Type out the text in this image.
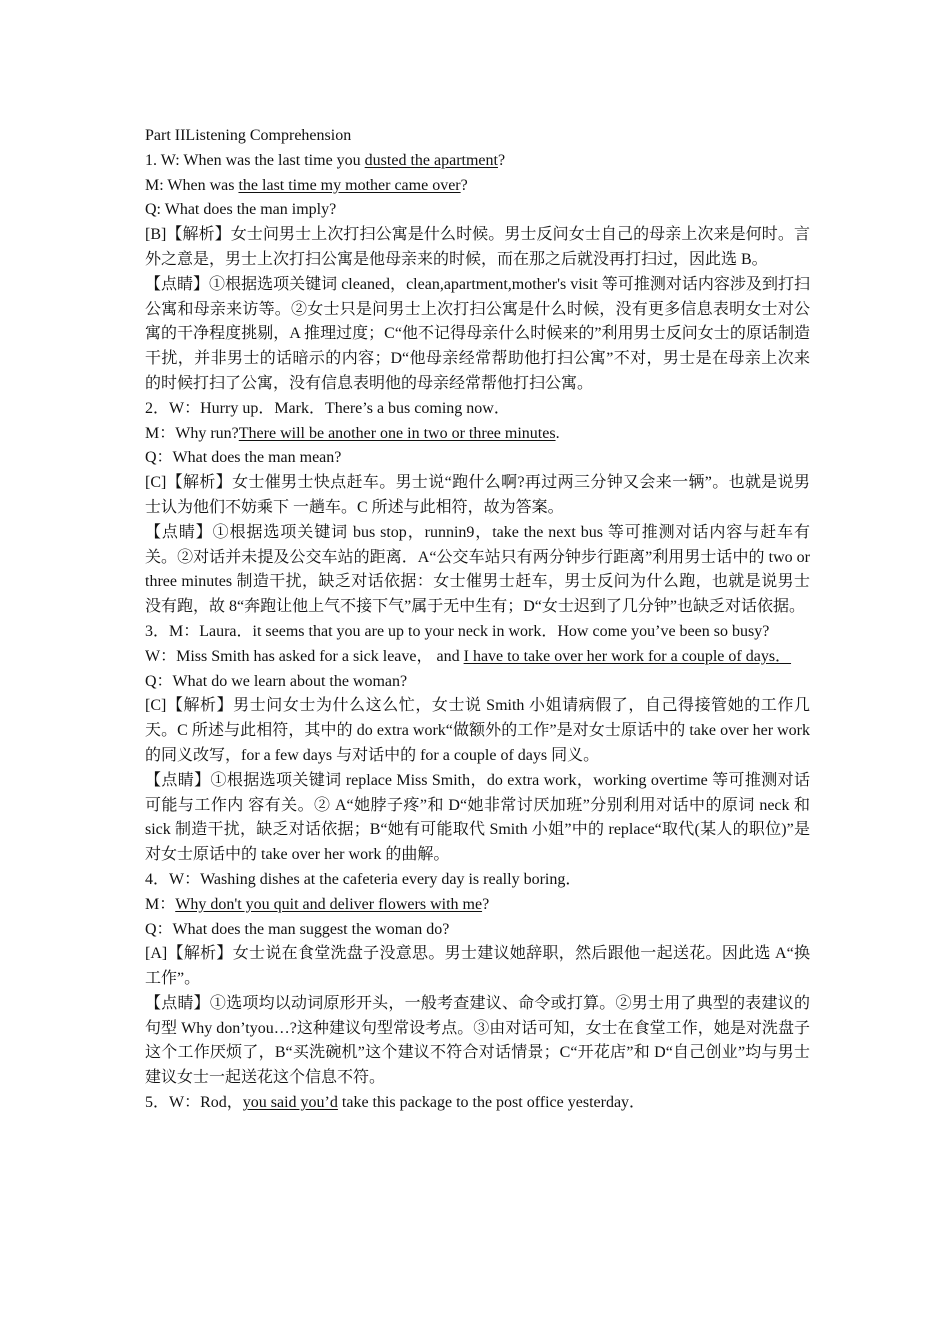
Part IIListening Comprehension

1. W: When was the last time you dusted the apartment?

M: When was the last time my mother came over?

Q: What does the man imply?

[B]【解析】女士问男士上次打扫公寓是什么时候。男士反问女士自己的母亲上次来是何时。言外之意是，男士上次打扫公寓是他母亲来的时候，而在那之后就没再打扫过，因此选 B。

【点睛】①根据选项关键词 cleaned，clean,apartment,mother's visit 等可推测对话内容涉及到打扫公寓和母亲来访等。②女士只是问男士上次打扫公寓是什么时候，没有更多信息表明女士对公寓的干净程度挑剔，A 推理过度；C“他不记得母亲什么时候来的”利用男士反问女士的原话制造干扰，并非男士的话暗示的内容；D“他母亲经常帮助他打扫公寓”不对，男士是在母亲上次来的时候打扫了公寓，没有信息表明他的母亲经常帮他打扫公寓。

2．W：Hurry up．Mark．There’s a bus coming now．

M：Why run?There will be another one in two or three minutes.

Q：What does the man mean?

[C]【解析】女士催男士快点赶车。男士说“跑什么啊?再过两三分钟又会来一辆”。也就是说男士认为他们不妨乘下 一趟车。C 所述与此相符，故为答案。

【点睛】①根据选项关键词 bus stop，runnin9，take the next bus 等可推测对话内容与赶车有关。②对话并未提及公交车站的距离．A“公交车站只有两分钟步行距离”利用男士话中的 two or three minutes 制造干扰，缺乏对话依据：女士催男士赶车，男士反问为什么跑，也就是说男士没有跑，故 8“奔跑让他上气不接下气”属于无中生有；D“女士迟到了几分钟”也缺乏对话依据。

3．M：Laura．it seems that you are up to your neck in work．How come you’ve been so busy?

W：Miss Smith has asked for a sick leave， and I have to take over her work for a couple of days．

Q：What do we learn about the woman?

[C]【解析】男士问女士为什么这么忙，女士说 Smith 小姐请病假了，自己得接管她的工作几天。C 所述与此相符，其中的 do extra work“做额外的工作”是对女士原话中的 take over her work 的同义改写，for a few days 与对话中的 for a couple of days 同义。

【点睛】①根据选项关键词 replace Miss Smith，do extra work，working overtime 等可推测对话可能与工作内 容有关。② A“她脖子疼”和 D“她非常讨厌加班”分别利用对话中的原词 neck 和 sick 制造干扰，缺乏对话依据；B“她有可能取代 Smith 小姐”中的 replace“取代(某人的职位)”是对女士原话中的 take over her work 的曲解。

4．W：Washing dishes at the cafeteria every day is really boring．

M：Why don't you quit and deliver flowers with me?

Q：What does the man suggest the woman do?

[A]【解析】女士说在食堂洗盘子没意思。男士建议她辞职，然后跟他一起送花。因此选 A“换工作”。

【点睛】①选项均以动词原形开头，一般考查建议、命令或打算。②男士用了典型的表建议的句型 Why don’tyou…?这种建议句型常设考点。③由对话可知，女士在食堂工作，她是对洗盘子这个工作厌烦了，B“买洗碗机”这个建议不符合对话情景；C“开花店”和 D“自己创业”均与男士建议女士一起送花这个信息不符。

5．W：Rod，you said you’d take this package to the post office yesterday．
